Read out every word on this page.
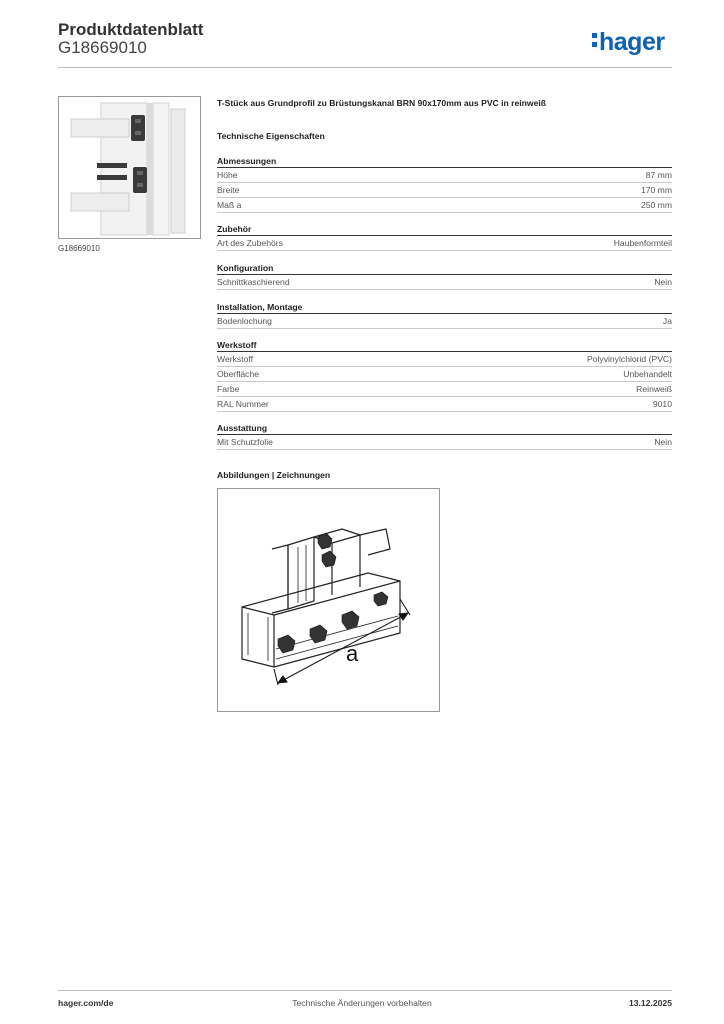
Produktdatenblatt
G18669010	hager
G18669010
T-Stück aus Grundprofil zu Brüstungskanal BRN 90x170mm aus PVC in reinweiß
Technische Eigenschaften
Abmessungen
Höhe	87 mm
Breite	170 mm
Maß a	250 mm
Zubehör
Art des Zubehörs	Haubenformteil
Konfiguration
Schnittkaschierend	Nein
Installation, Montage
Bodenlochung	Ja
Werkstoff
Werkstoff	Polyvinylchlorid (PVC)
Oberfläche	Unbehandelt
Farbe	Reinweiß
RAL Nummer	9010
Ausstattung
Mit Schutzfolie	Nein
Abbildungen | Zeichnungen
a
hager.com/de	Technische Änderungen vorbehalten	13.12.2025
